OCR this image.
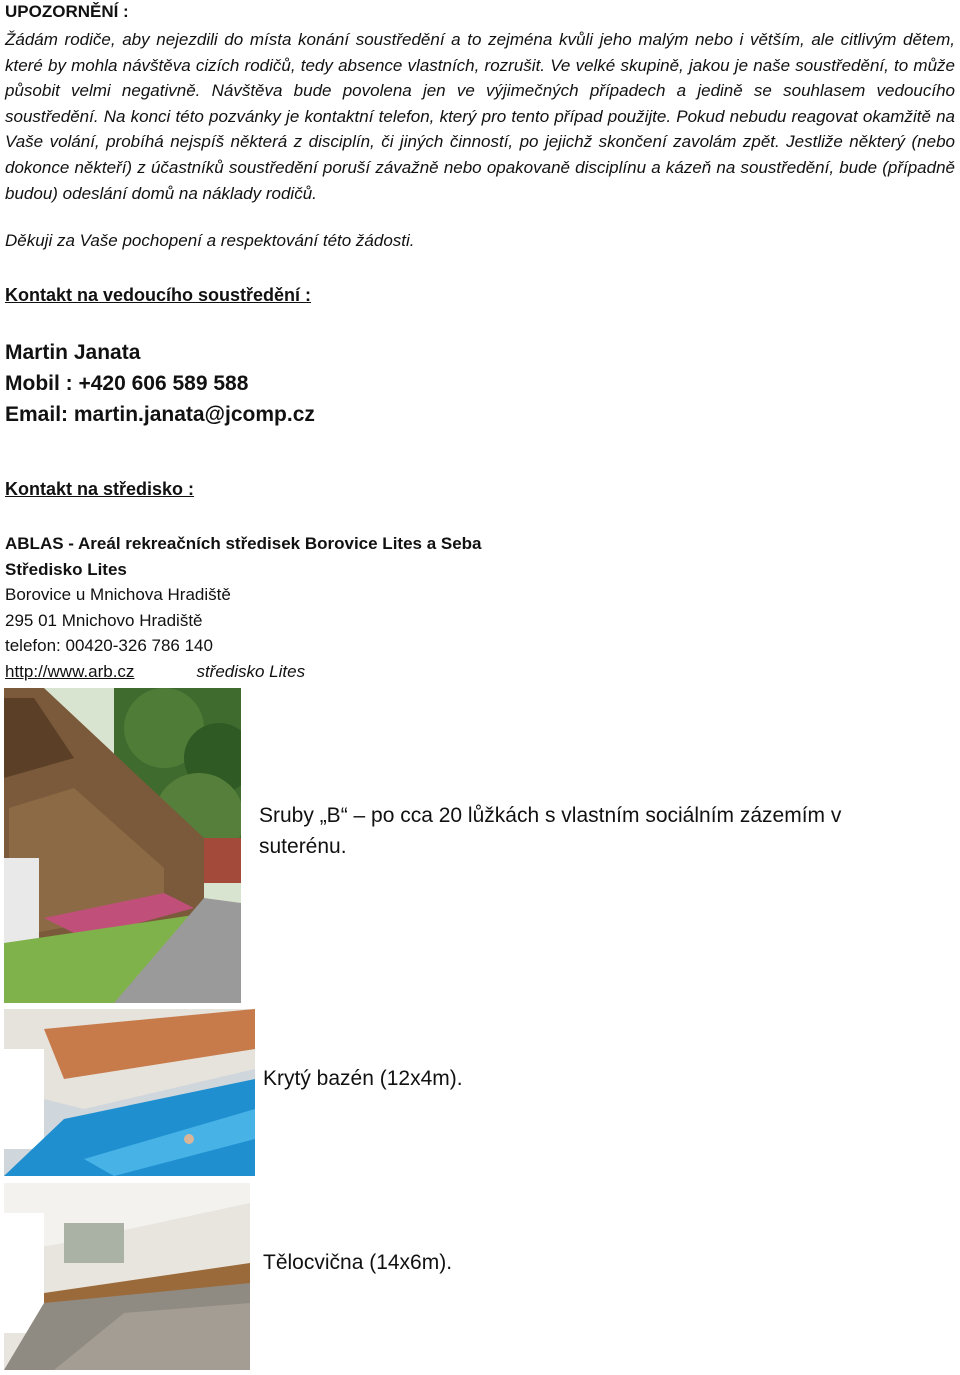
UPOZORNĚNÍ :
Žádám rodiče, aby nejezdili do místa konání soustředění a to zejména kvůli jeho malým nebo i větším, ale citlivým dětem, které by mohla návštěva cizích rodičů, tedy absence vlastních, rozrušit. Ve velké skupině, jakou je naše soustředění, to může působit velmi negativně. Návštěva bude povolena jen ve výjimečných případech a jedině se souhlasem vedoucího soustředění. Na konci této pozvánky je kontaktní telefon, který pro tento případ použijte. Pokud nebudu reagovat okamžitě na Vaše volání, probíhá nejspíš některá z disciplín, či jiných činností, po jejichž skončení zavolám zpět. Jestliže některý (nebo dokonce někteří) z účastníků soustředění poruší závažně nebo opakovaně disciplínu a kázeň na soustředění, bude (případně budou) odeslání domů na náklady rodičů.
Děkuji za Vaše pochopení a respektování této žádosti.
Kontakt na vedoucího soustředění :
Martin Janata
Mobil : +420 606 589 588
Email: martin.janata@jcomp.cz
Kontakt na středisko :
ABLAS - Areál rekreačních středisek Borovice Lites a Seba
Středisko Lites
Borovice u Mnichova Hradiště
295 01 Mnichovo Hradiště
telefon: 00420-326 786 140
http://www.arb.cz	středisko Lites
Sruby „B“ – po cca 20 lůžkách s vlastním sociálním zázemím v suterénu.
Krytý bazén (12x4m).
Tělocvična (14x6m).
